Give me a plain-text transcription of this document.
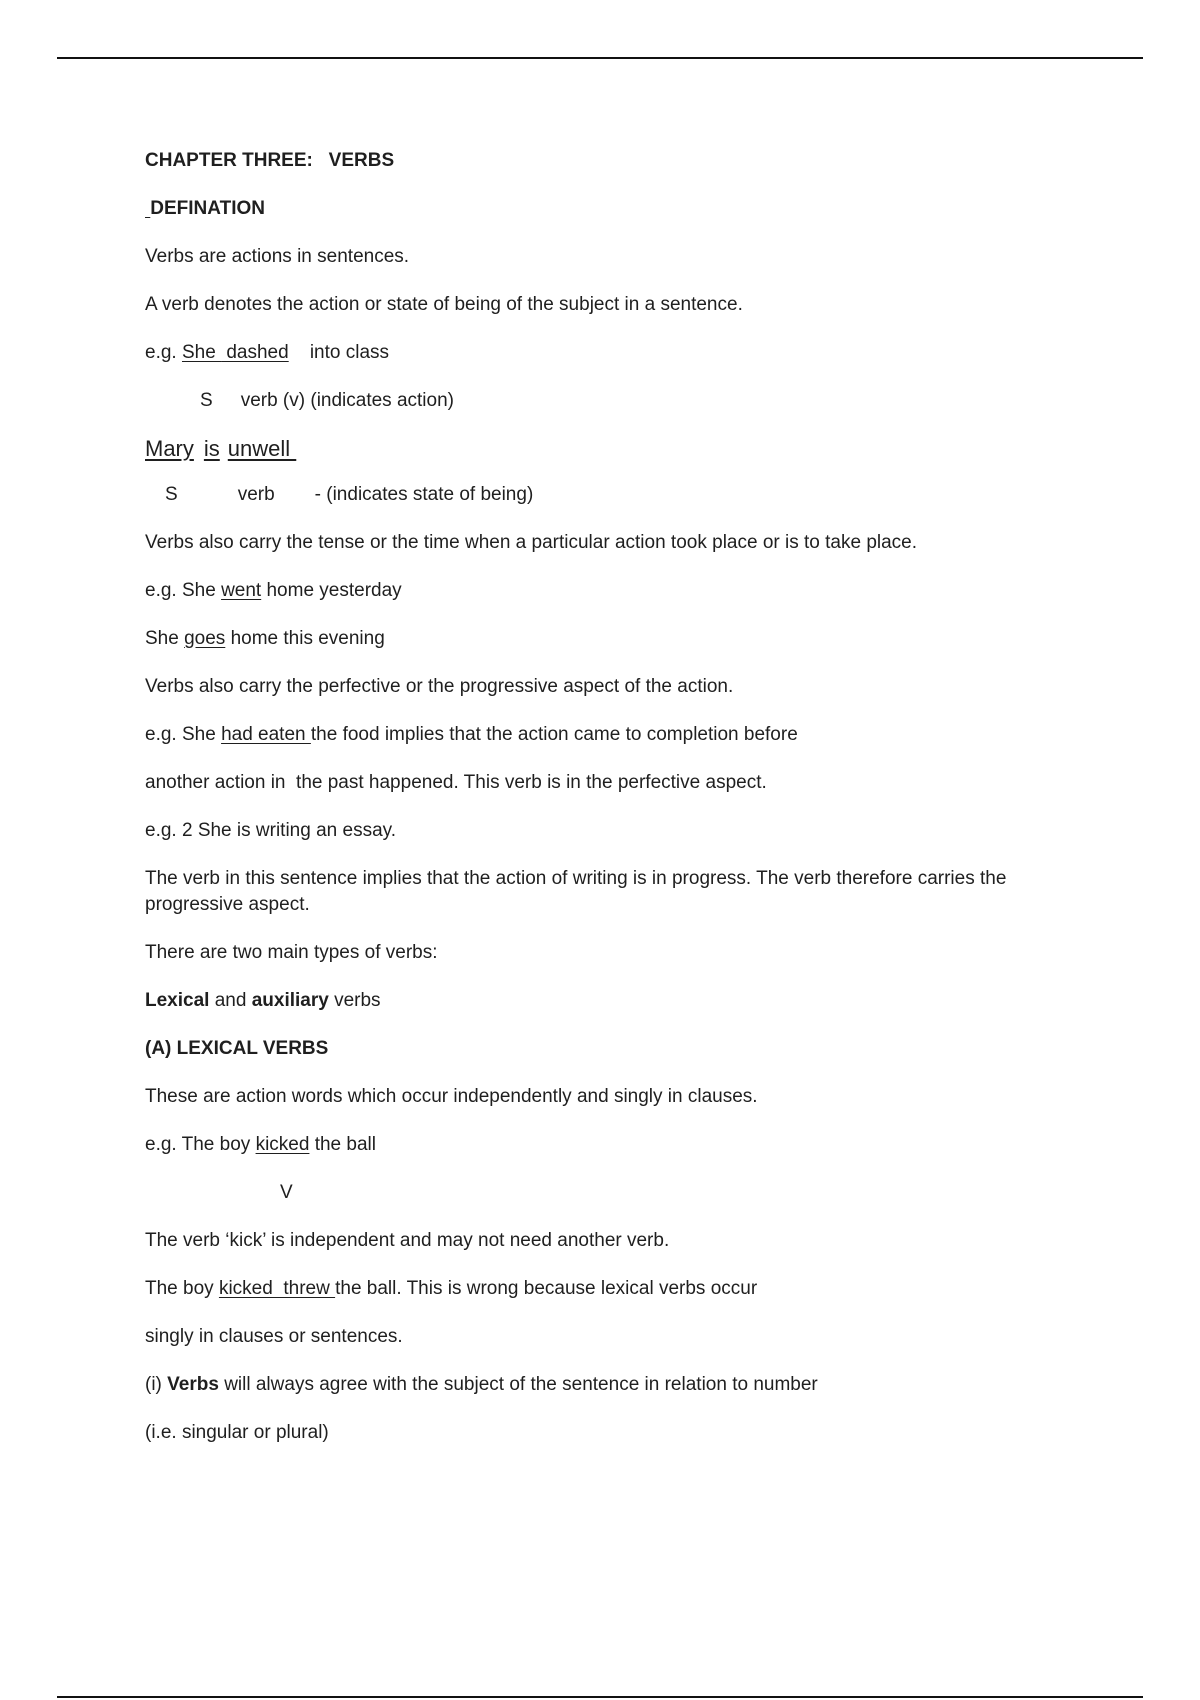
CHAPTER THREE:   VERBS

DEFINATION

Verbs are actions in sentences.

A verb denotes the action or state of being of the subject in a sentence.

e.g. She  dashed    into class

S verb (v) (indicates action)

Mary is unwell

S	verb - (indicates state of being)

Verbs also carry the tense or the time when a particular action took place or is to take place.

e.g. She went home yesterday

She goes home this evening

Verbs also carry the perfective or the progressive aspect of the action.

e.g. She had eaten the food implies that the action came to completion before

another action in  the past happened. This verb is in the perfective aspect.

e.g. 2 She is writing an essay.

The verb in this sentence implies that the action of writing is in progress. The verb therefore carries the progressive aspect.

There are two main types of verbs:

Lexical and auxiliary verbs

(A) LEXICAL VERBS

These are action words which occur independently and singly in clauses.

e.g. The boy kicked the ball

V

The verb ‘kick’ is independent and may not need another verb.

The boy kicked  threw the ball. This is wrong because lexical verbs occur

singly in clauses or sentences.

(i) Verbs will always agree with the subject of the sentence in relation to number

(i.e. singular or plural)
